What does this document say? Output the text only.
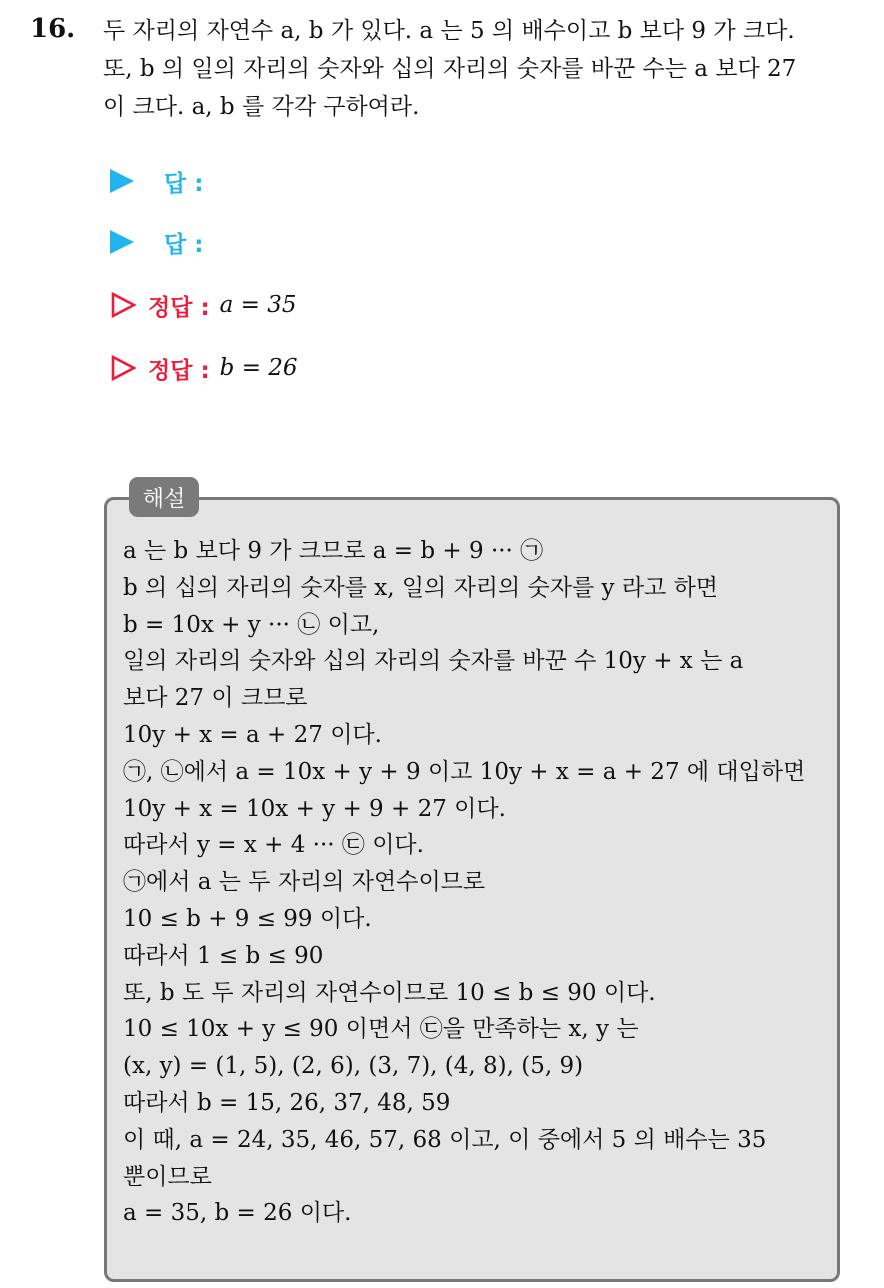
16. 두 자리의 자연수 a, b 가 있다. a 는 5 의 배수이고 b 보다 9 가 크다.
또, b 의 일의 자리의 숫자와 십의 자리의 숫자를 바꾼 수는 a 보다 27
이 크다. a, b 를 각각 구하여라.

답 :
답 :
정답 : a = 35
정답 : b = 26
해설

a 는 b 보다 9 가 크므로 a = b + 9 ··· ㉠
b 의 십의 자리의 숫자를 x, 일의 자리의 숫자를 y 라고 하면
b = 10x + y ··· ㉡ 이고,
일의 자리의 숫자와 십의 자리의 숫자를 바꾼 수 10y + x 는 a
보다 27 이 크므로
10y + x = a + 27 이다.
㉠, ㉡에서 a = 10x + y + 9 이고 10y + x = a + 27 에 대입하면
10y + x = 10x + y + 9 + 27 이다.
따라서 y = x + 4 ··· ㉢ 이다.
㉠에서 a 는 두 자리의 자연수이므로
10 ≤ b + 9 ≤ 99 이다.
따라서 1 ≤ b ≤ 90
또, b 도 두 자리의 자연수이므로 10 ≤ b ≤ 90 이다.
10 ≤ 10x + y ≤ 90 이면서 ㉢을 만족하는 x, y 는
(x, y) = (1, 5), (2, 6), (3, 7), (4, 8), (5, 9)
따라서 b = 15, 26, 37, 48, 59
이 때, a = 24, 35, 46, 57, 68 이고, 이 중에서 5 의 배수는 35
뿐이므로
a = 35, b = 26 이다.
